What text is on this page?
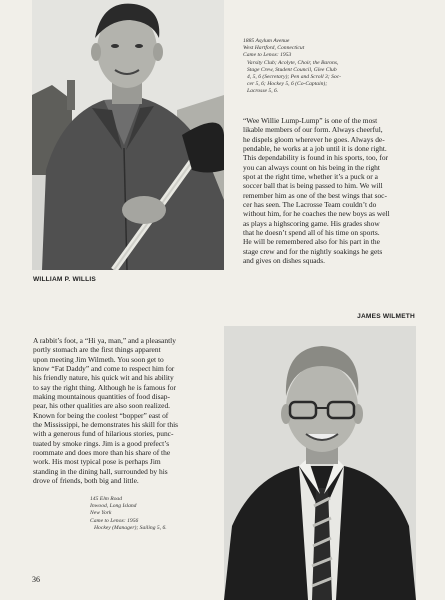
WILLIAM P. WILLIS
1885 Asylum Avenue
West Hartford, Connecticut
Came to Lenox: 1953
Varsity Club; Acolyte, Choir, the Barons,
Stage Crew, Student Council, Glee Club
4, 5, 6 (Secretary); Pen and Scroll 3; Soc-
cer 5, 6; Hockey 5, 6 (Co-Captain);
Lacrosse 5, 6.
“Wee Willie Lump-Lump” is one of the most
likable members of our form. Always cheerful,
he dispels gloom wherever he goes. Always de-
pendable, he works at a job until it is done right.
This dependability is found in his sports, too, for
you can always count on his being in the right
spot at the right time, whether it’s a puck or a
soccer ball that is being passed to him. We will
remember him as one of the best wings that soc-
cer has seen. The Lacrosse Team couldn’t do
without him, for he coaches the new boys as well
as plays a highscoring game. His grades show
that he doesn’t spend all of his time on sports.
He will be remembered also for his part in the
stage crew and for the nightly soakings he gets
and gives on dishes squads.
JAMES WILMETH
A rabbit’s foot, a “Hi ya, man,” and a pleasantly
portly stomach are the first things apparent
upon meeting Jim Wilmeth. You soon get to
know “Fat Daddy” and come to respect him for
his friendly nature, his quick wit and his ability
to say the right thing. Although he is famous for
making mountainous quantities of food disap-
pear, his other qualities are also soon realized.
Known for being the coolest “bopper” east of
the Mississippi, he demonstrates his skill for this
with a generous fund of hilarious stories, punc-
tuated by smoke rings. Jim is a good prefect’s
roommate and does more than his share of the
work. His most typical pose is perhaps Jim
standing in the dining hall, surrounded by his
drove of friends, both big and little.
145 Elm Road
Inwood, Long Island
New York
Came to Lenox: 1956
Hockey (Manager); Sailing 5, 6.
36
